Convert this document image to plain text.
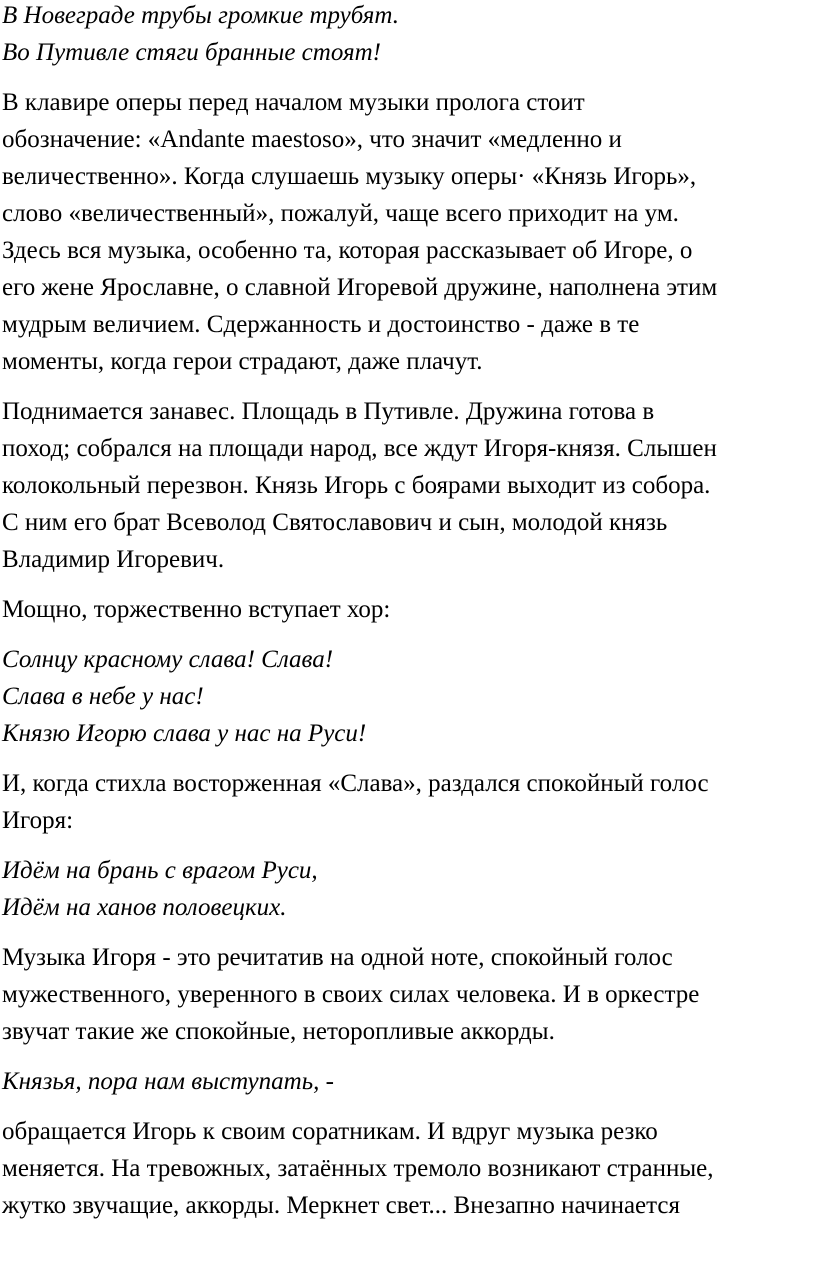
В Новеграде трубы громкие трубят.
Во Путивле стяги бранные стоят!

В клавире оперы перед началом музыки пролога стоит
обозначение: «Andante maestoso», что значит «медленно и
величественно». Когда слушаешь музыку оперы· «Князь Игорь»,
слово «величественный», пожалуй, чаще всего приходит на ум.
Здесь вся музыка, особенно та, которая рассказывает об Игоре, о
его жене Ярославне, о славной Игоревой дружине, наполнена этим
мудрым величием. Сдержанность и достоинство - даже в те
моменты, когда герои страдают, даже плачут.

Поднимается занавес. Площадь в Путивле. Дружина готова в
поход; собрался на площади народ, все ждут Игоря-князя. Слышен
колокольный перезвон. Князь Игорь с боярами выходит из собора.
С ним его брат Всеволод Святославович и сын, молодой князь
Владимир Игоревич.

Мощно, торжественно вступает хор:

Солнцу красному слава! Слава!
Слава в небе у нас!
Князю Игорю слава у нас на Руси!

И, когда стихла восторженная «Слава», раздался спокойный голос
Игоря:

Идём на брань с врагом Руси,
Идём на ханов половецких.

Музыка Игоря - это речитатив на одной ноте, спокойный голос
мужественного, уверенного в своих силах человека. И в оркестре
звучат такие же спокойные, неторопливые аккорды.

Князья, пора нам выступать, -

обращается Игорь к своим соратникам. И вдруг музыка резко
меняется. На тревожных, затаённых тремоло возникают странные,
жутко звучащие, аккорды. Меркнет свет... Внезапно начинается
